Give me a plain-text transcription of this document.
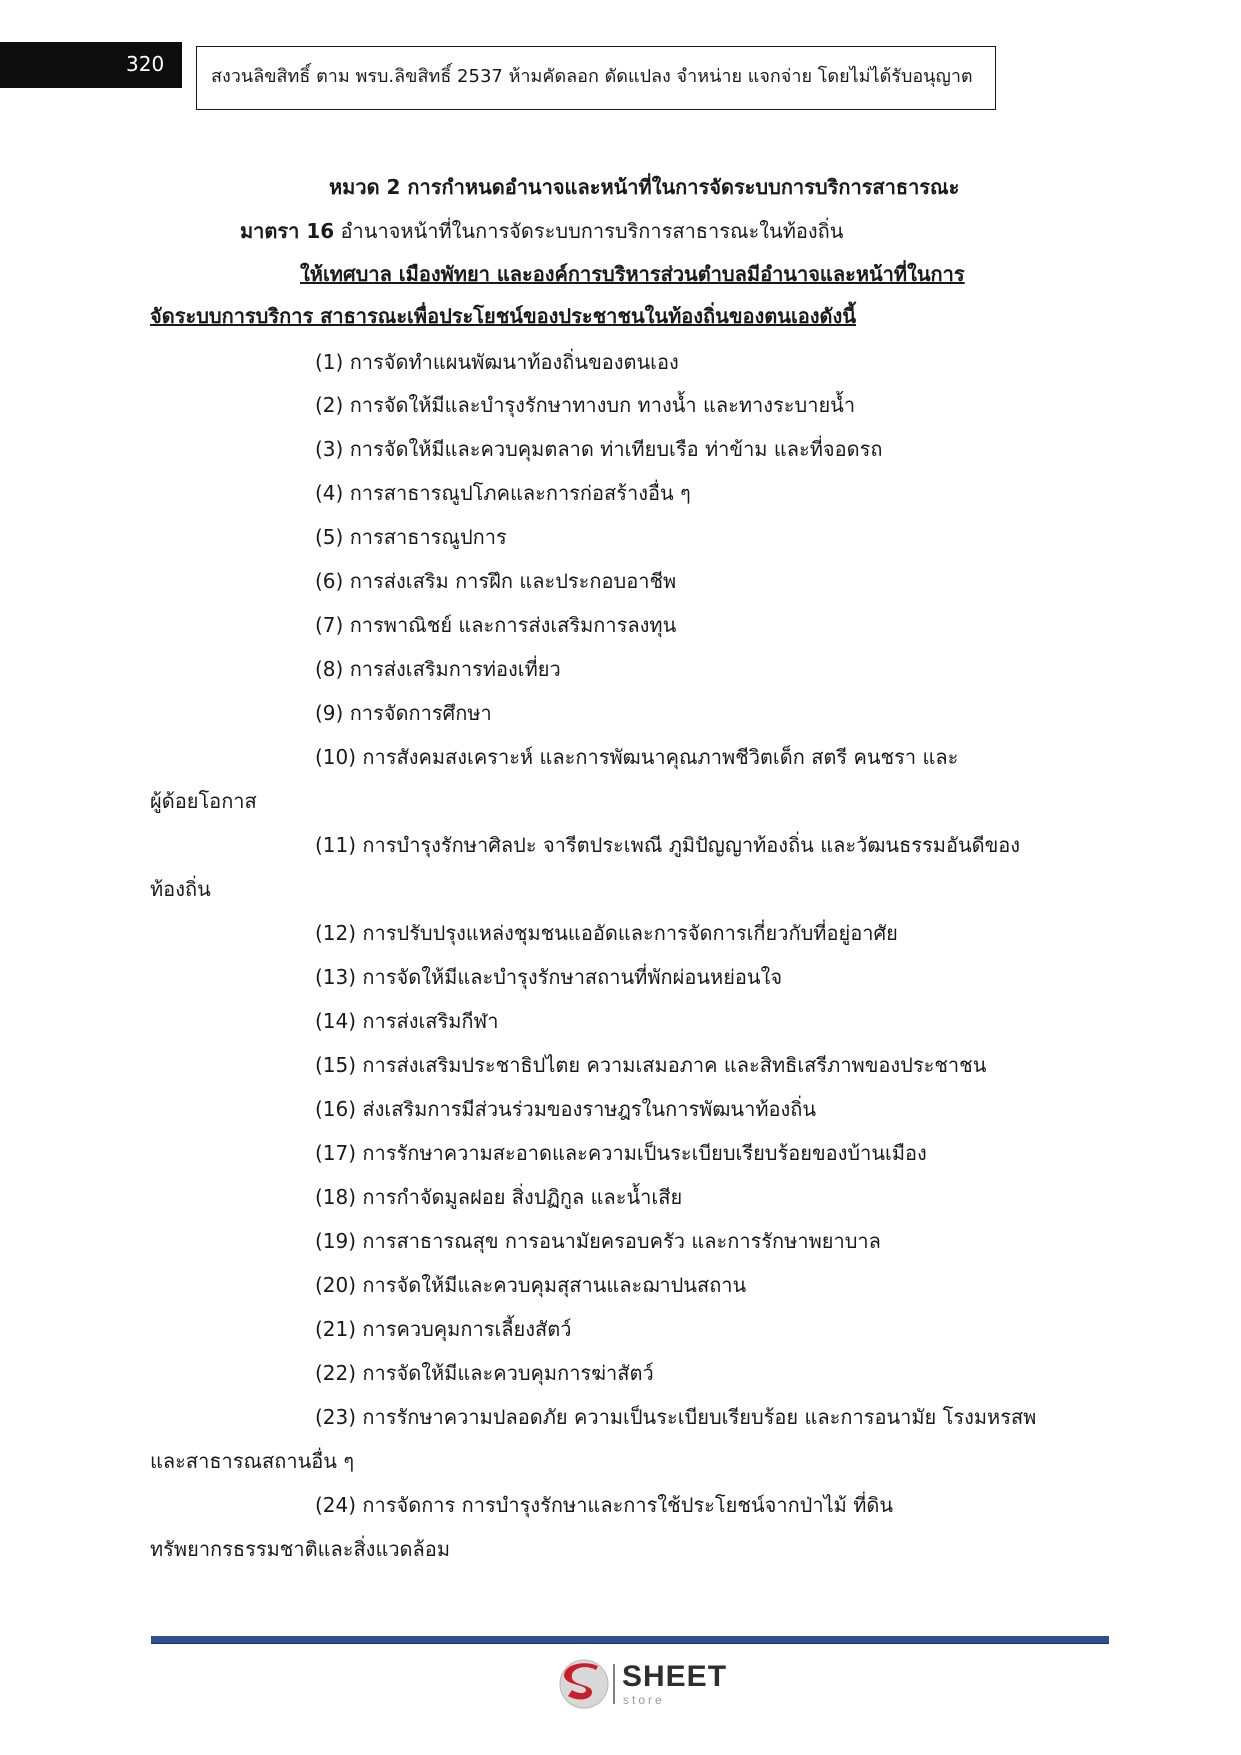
320
สงวนลิขสิทธิ์ ตาม พรบ.ลิขสิทธิ์ 2537 ห้ามคัดลอก ดัดแปลง จำหน่าย แจกจ่าย โดยไม่ได้รับอนุญาต
หมวด 2 การกำหนดอำนาจและหน้าที่ในการจัดระบบการบริการสาธารณะ
มาตรา 16 อำนาจหน้าที่ในการจัดระบบการบริการสาธารณะในท้องถิ่น
ให้เทศบาล เมืองพัทยา และองค์การบริหารส่วนตำบลมีอำนาจและหน้าที่ในการ
จัดระบบการบริการ สาธารณะเพื่อประโยชน์ของประชาชนในท้องถิ่นของตนเองดังนี้
(1) การจัดทำแผนพัฒนาท้องถิ่นของตนเอง
(2) การจัดให้มีและบำรุงรักษาทางบก ทางน้ำ และทางระบายน้ำ
(3) การจัดให้มีและควบคุมตลาด ท่าเทียบเรือ ท่าข้าม และที่จอดรถ
(4) การสาธารณูปโภคและการก่อสร้างอื่น ๆ
(5) การสาธารณูปการ
(6) การส่งเสริม การฝึก และประกอบอาชีพ
(7) การพาณิชย์ และการส่งเสริมการลงทุน
(8) การส่งเสริมการท่องเที่ยว
(9) การจัดการศึกษา
(10) การสังคมสงเคราะห์ และการพัฒนาคุณภาพชีวิตเด็ก สตรี คนชรา และ
ผู้ด้อยโอกาส
(11) การบำรุงรักษาศิลปะ จารีตประเพณี ภูมิปัญญาท้องถิ่น และวัฒนธรรมอันดีของ
ท้องถิ่น
(12) การปรับปรุงแหล่งชุมชนแออัดและการจัดการเกี่ยวกับที่อยู่อาศัย
(13) การจัดให้มีและบำรุงรักษาสถานที่พักผ่อนหย่อนใจ
(14) การส่งเสริมกีฬา
(15) การส่งเสริมประชาธิปไตย ความเสมอภาค และสิทธิเสรีภาพของประชาชน
(16) ส่งเสริมการมีส่วนร่วมของราษฎรในการพัฒนาท้องถิ่น
(17) การรักษาความสะอาดและความเป็นระเบียบเรียบร้อยของบ้านเมือง
(18) การกำจัดมูลฝอย สิ่งปฏิกูล และน้ำเสีย
(19) การสาธารณสุข การอนามัยครอบครัว และการรักษาพยาบาล
(20) การจัดให้มีและควบคุมสุสานและฌาปนสถาน
(21) การควบคุมการเลี้ยงสัตว์
(22) การจัดให้มีและควบคุมการฆ่าสัตว์
(23) การรักษาความปลอดภัย ความเป็นระเบียบเรียบร้อย และการอนามัย โรงมหรสพ
และสาธารณสถานอื่น ๆ
(24) การจัดการ การบำรุงรักษาและการใช้ประโยชน์จากป่าไม้ ที่ดิน
ทรัพยากรธรรมชาติและสิ่งแวดล้อม
SHEET
store
